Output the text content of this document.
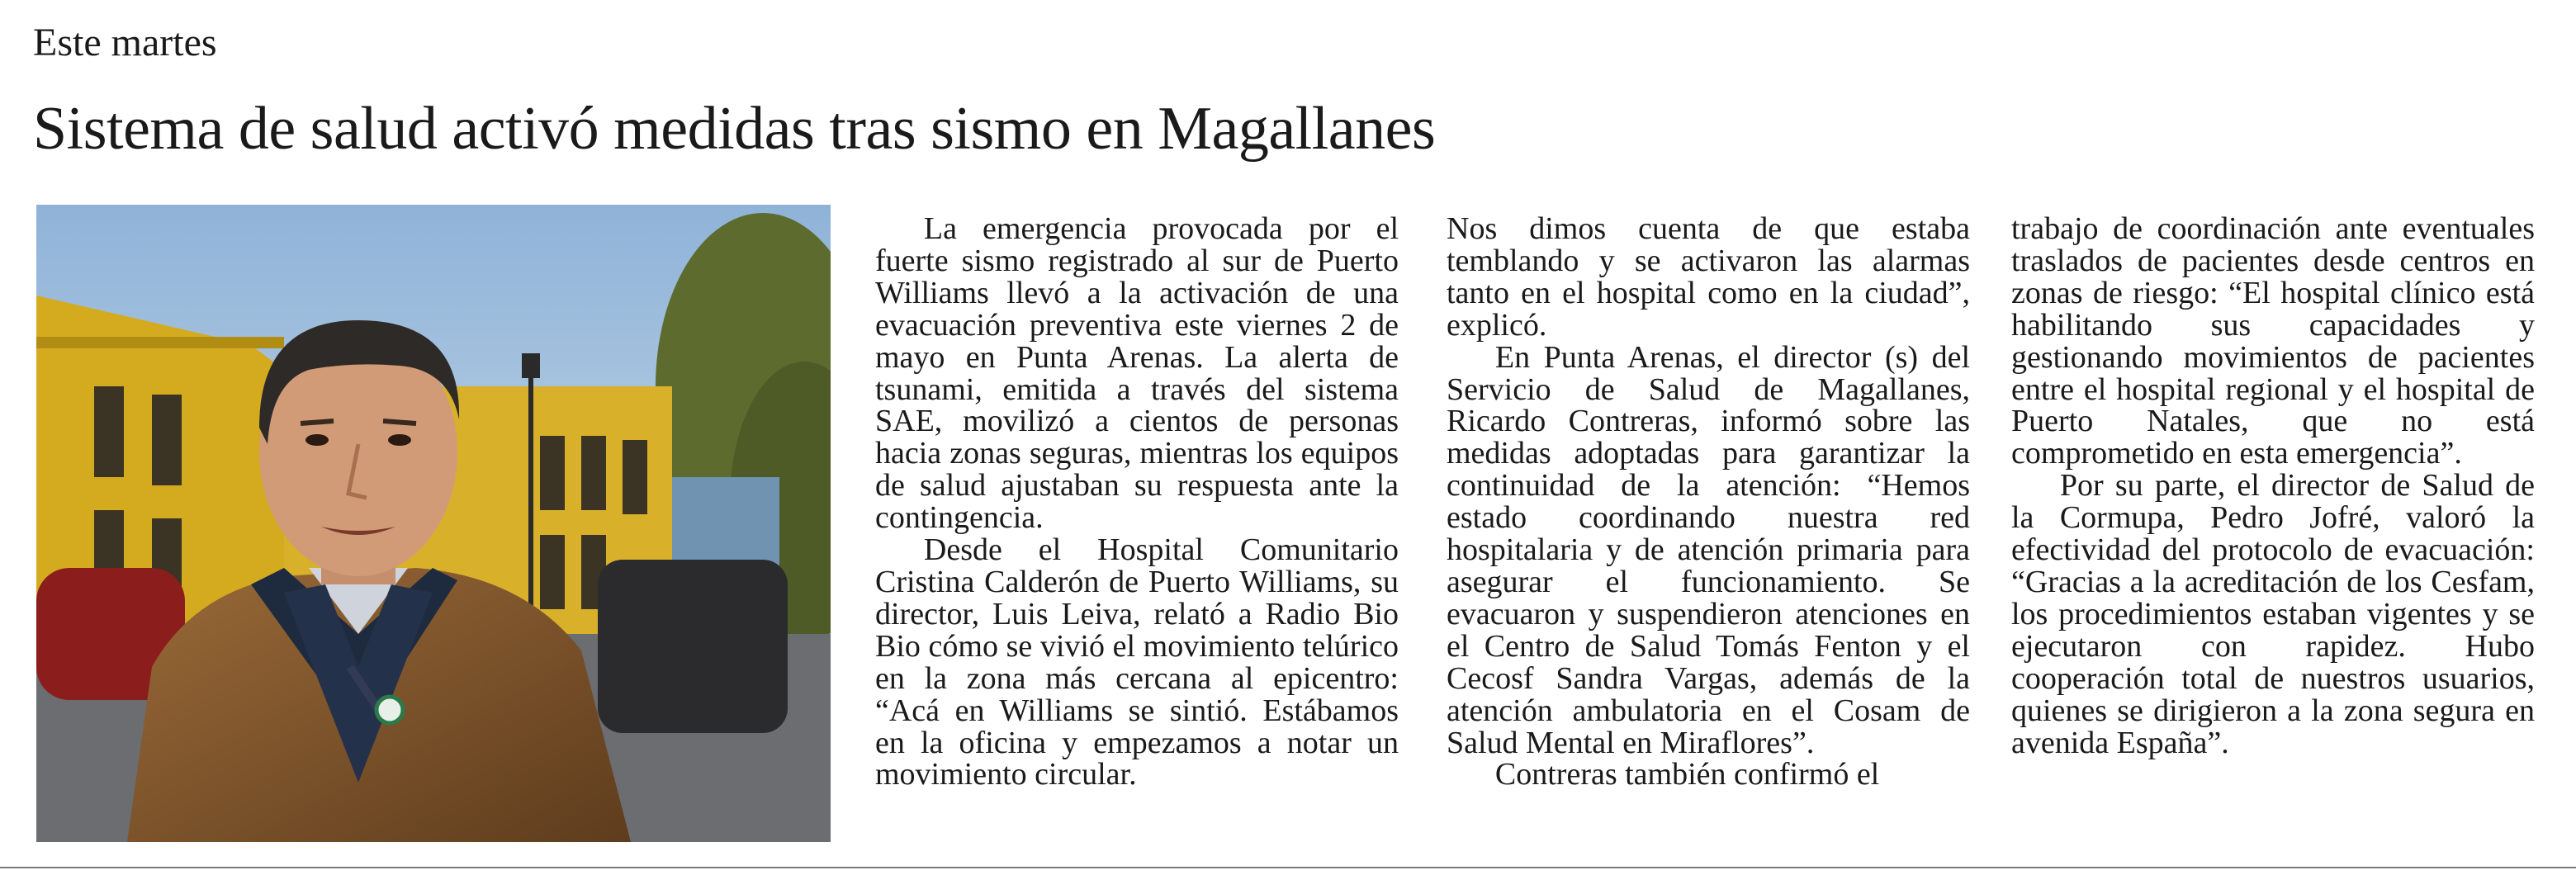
Este martes
Sistema de salud activó medidas tras sismo en Magallanes

La emergencia provocada por el fuerte sismo registrado al sur de Puerto Williams llevó a la activación de una evacuación preventiva este viernes 2 de mayo en Punta Arenas. La alerta de tsunami, emitida a través del sistema SAE, movilizó a cientos de personas hacia zonas seguras, mientras los equipos de salud ajustaban su respuesta ante la contingencia.

Desde el Hospital Comunitario Cristina Calderón de Puerto Williams, su director, Luis Leiva, relató a Radio Bio Bio cómo se vivió el movimiento telúrico en la zona más cercana al epicentro: “Acá en Williams se sintió. Estábamos en la oficina y empezamos a notar un movimiento circular.

Nos dimos cuenta de que estaba temblando y se activaron las alarmas tanto en el hospital como en la ciudad”, explicó.

En Punta Arenas, el director (s) del Servicio de Salud de Magallanes, Ricardo Contreras, informó sobre las medidas adoptadas para garantizar la continuidad de la atención: “Hemos estado coordinando nuestra red hospitalaria y de atención primaria para asegurar el funcionamiento. Se evacuaron y suspendieron atenciones en el Centro de Salud Tomás Fenton y el Cecosf Sandra Vargas, además de la atención ambulatoria en el Cosam de Salud Mental en Miraflores”.

Contreras también confirmó el

trabajo de coordinación ante eventuales traslados de pacientes desde centros en zonas de riesgo: “El hospital clínico está habilitando sus capacidades y gestionando movimientos de pacientes entre el hospital regional y el hospital de Puerto Natales, que no está comprometido en esta emergencia”.

Por su parte, el director de Salud de la Cormupa, Pedro Jofré, valoró la efectividad del protocolo de evacuación: “Gracias a la acreditación de los Cesfam, los procedimientos estaban vigentes y se ejecutaron con rapidez. Hubo cooperación total de nuestros usuarios, quienes se dirigieron a la zona segura en avenida España”.
